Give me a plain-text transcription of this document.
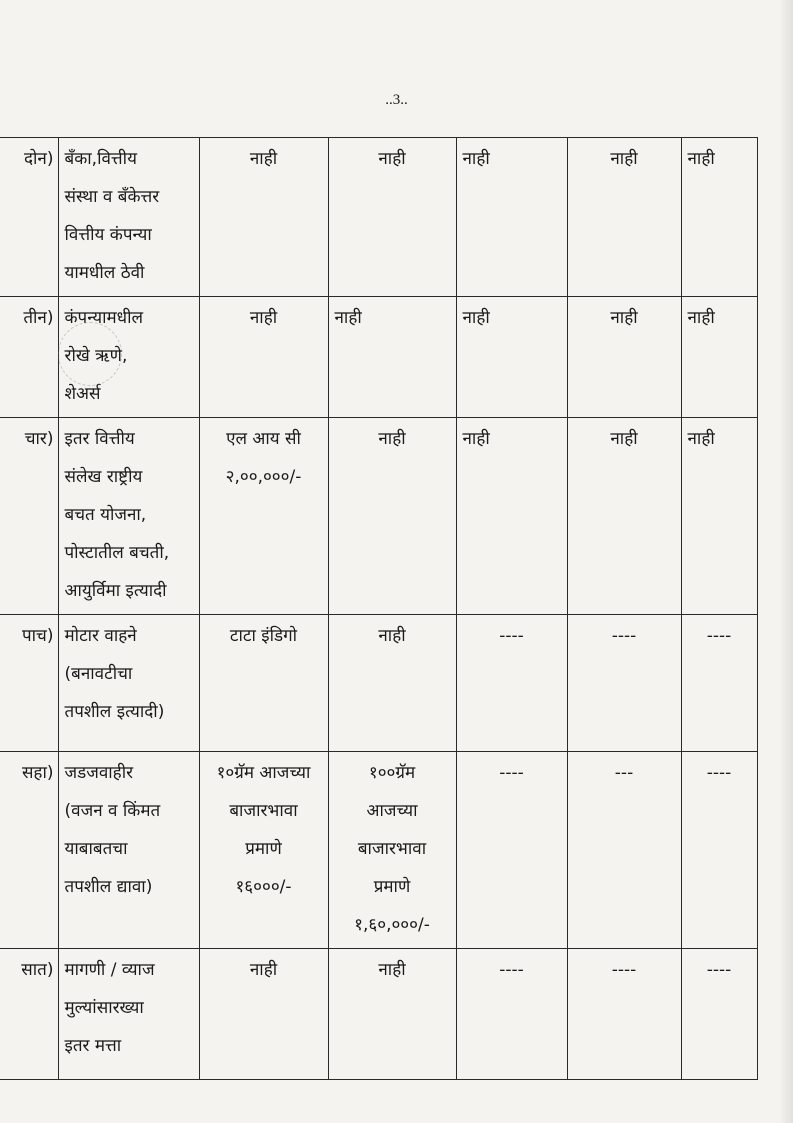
..3..
दोन)	बँका,वित्तीय
संस्था व बँकेत्तर
वित्तीय कंपन्या
यामधील ठेवी	नाही	नाही	नाही	नाही	नाही
तीन)	कंपन्यामधील
रोखे ऋणे,
शेअर्स	नाही	नाही	नाही	नाही	नाही
चार)	इतर वित्तीय
संलेख राष्ट्रीय
बचत योजना,
पोस्टातील बचती,
आयुर्विमा इत्यादी	एल आय सी
२,००,०००/-	नाही	नाही	नाही	नाही
पाच)	मोटार वाहने
(बनावटीचा
तपशील इत्यादी)	टाटा इंडिगो	नाही	----	----	----
सहा)	जडजवाहीर
(वजन व किंमत
याबाबतचा
तपशील द्यावा)	१०ग्रॅम आजच्या
बाजारभावा
प्रमाणे
१६०००/-	१००ग्रॅम
आजच्या
बाजारभावा
प्रमाणे
१,६०,०००/-	----	---	----
सात)	मागणी / व्याज
मुल्यांसारख्या
इतर मत्ता	नाही	नाही	----	----	----
